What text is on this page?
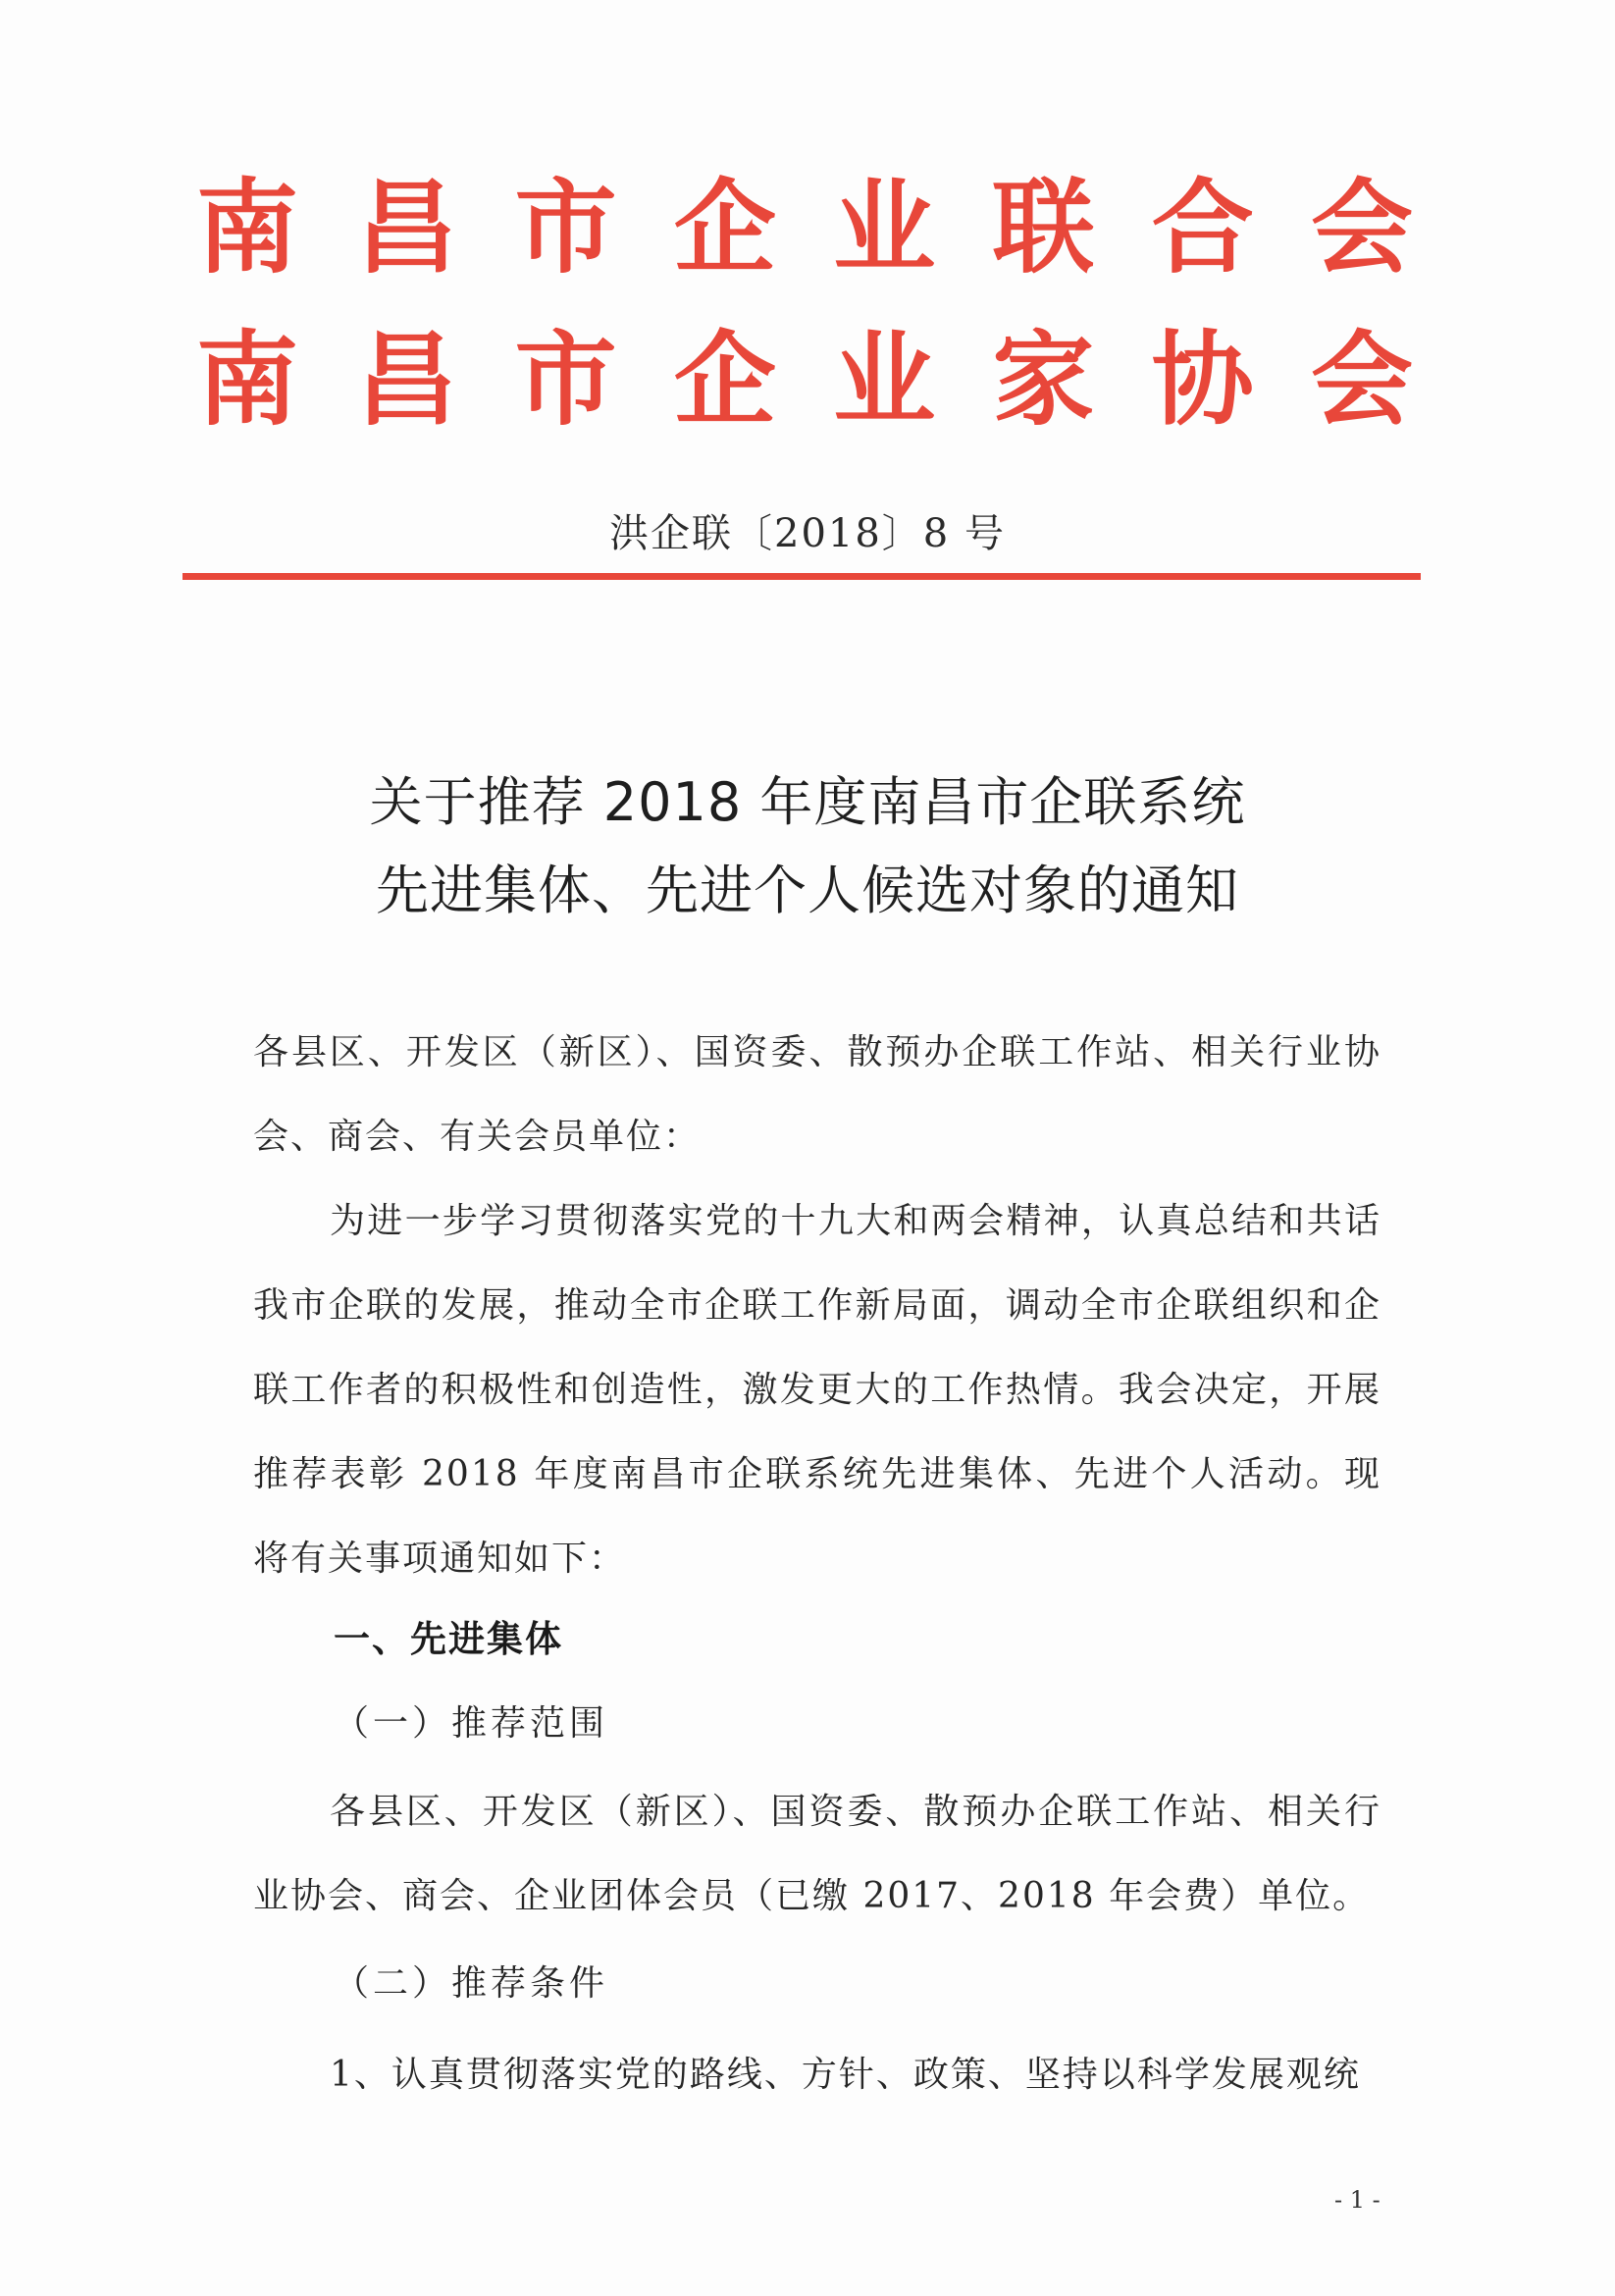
南 昌 市 企 业 联 合 会
南 昌 市 企 业 家 协 会
洪企联〔2018〕8 号
关于推荐 2018 年度南昌市企联系统
先进集体、先进个人候选对象的通知

各县区、开发区（新区）、国资委、散预办企联工作站、相关行业协会、商会、有关会员单位：

为进一步学习贯彻落实党的十九大和两会精神，认真总结和共话我市企联的发展，推动全市企联工作新局面，调动全市企联组织和企联工作者的积极性和创造性，激发更大的工作热情。我会决定，开展推荐表彰 2018 年度南昌市企联系统先进集体、先进个人活动。现将有关事项通知如下：

一、先进集体
（一）推荐范围

各县区、开发区（新区）、国资委、散预办企联工作站、相关行业协会、商会、企业团体会员（已缴 2017、2018 年会费）单位。

（二）推荐条件

1、认真贯彻落实党的路线、方针、政策、坚持以科学发展观统

- 1 -
